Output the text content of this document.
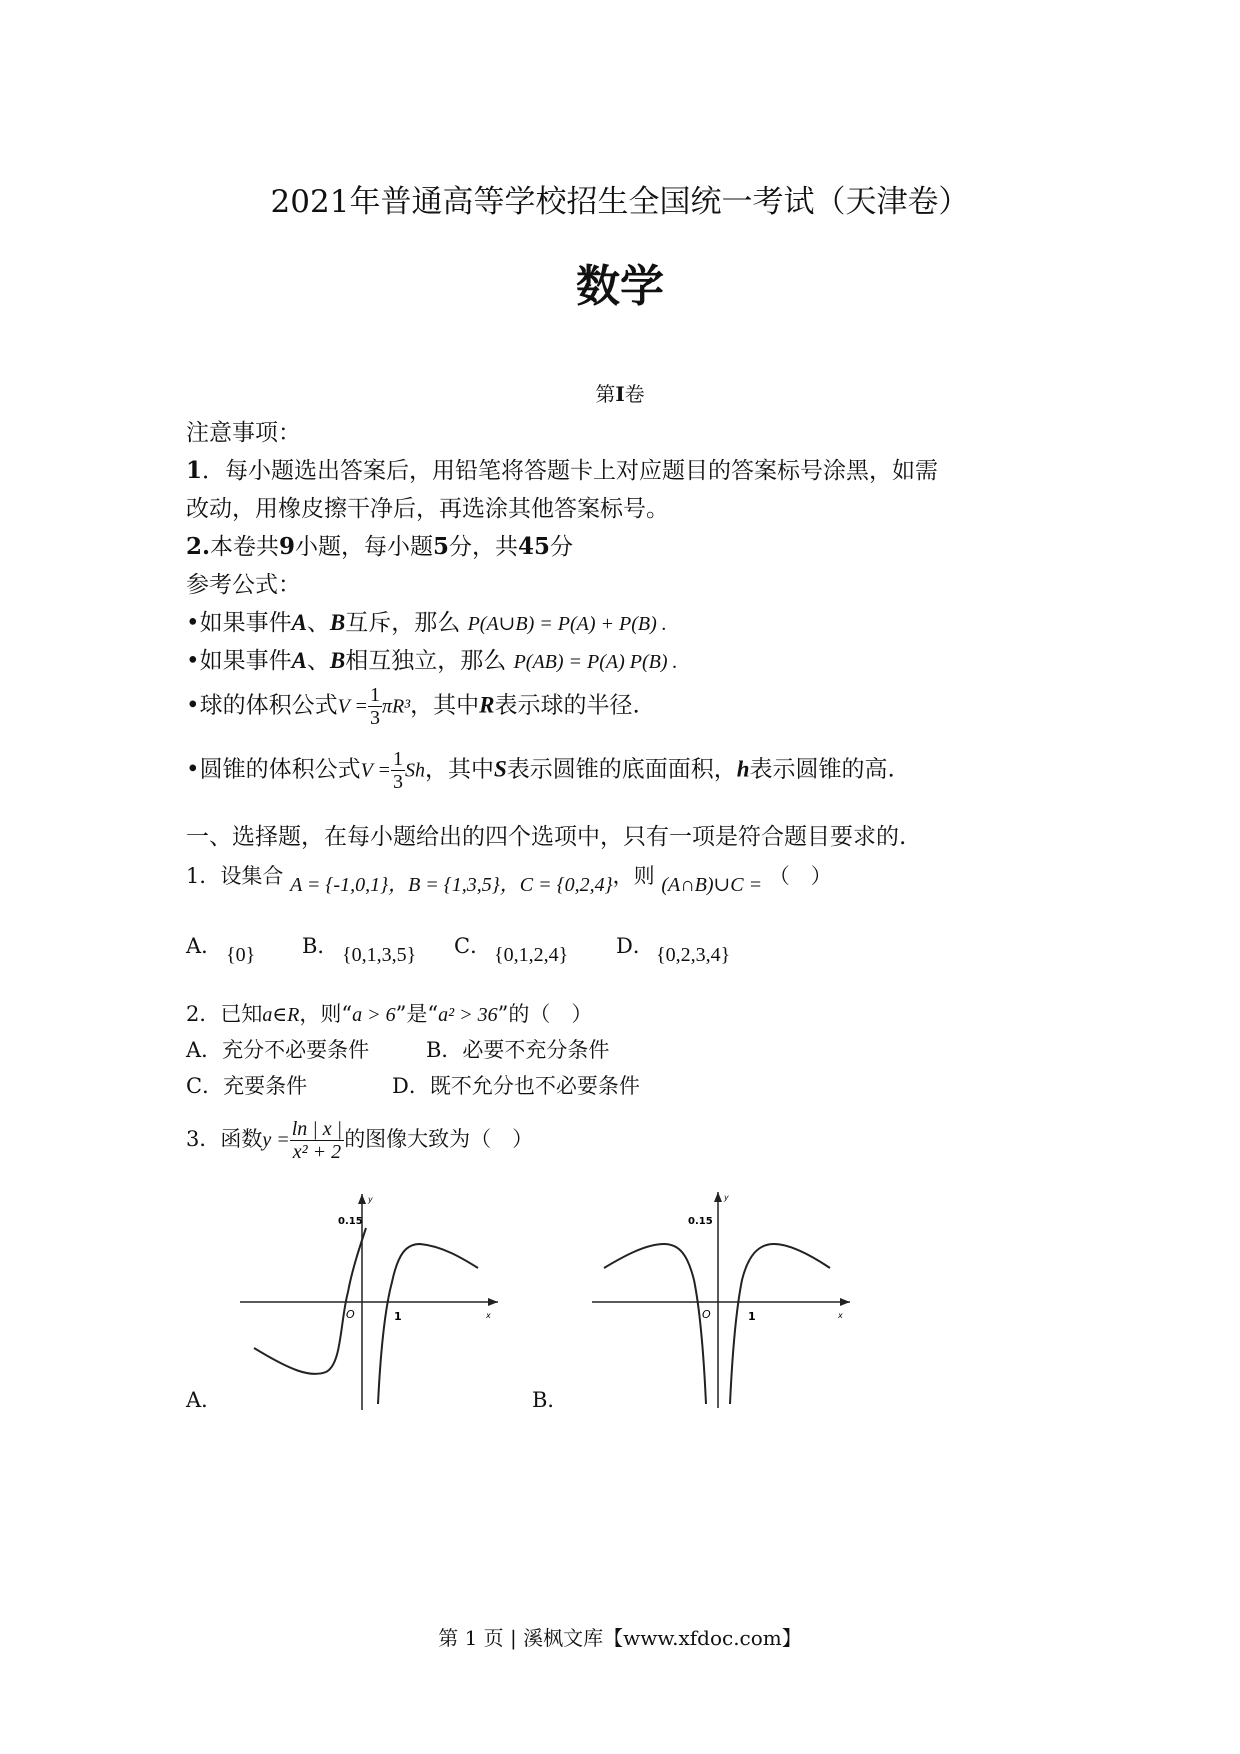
2021年普通高等学校招生全国统一考试（天津卷）
数学
第I卷
注意事项：
1．每小题选出答案后，用铅笔将答题卡上对应题目的答案标号涂黑，如需
改动，用橡皮擦干净后，再选涂其他答案标号。
2.本卷共9小题，每小题5分，共45分
参考公式：
•如果事件A、B互斥，那么 P(A∪B) = P(A) + P(B) .
•如果事件A、B相互独立，那么 P(AB) = P(A) P(B) .
•球的体积公式$V = \frac{1}{3} \pi R^3$，其中R表示球的半径.
•圆锥的体积公式$V = \frac{1}{3}$ Sh，其中S表示圆锥的底面面积，h表示圆锥的高.
一、选择题，在每小题给出的四个选项中，只有一项是符合题目要求的.
1．设集合 A = {-1,0,1}，B = {1,3,5}，C = {0,2,4}，则 (A∩B)∪C = （　）
A． {0} B． {0,1,3,5} C． {0,1,2,4} D． {0,2,3,4}
2．已知a∈R，则“a > 6”是“a² > 36”的（　）
A．充分不必要条件	B．必要不充分条件
C．充要条件	D．既不允分也不必要条件
3．函数$y = \frac{\ln | x |}{\text{x² + 2}}$ 的图像大致为（　）
0.15
O	1	x
y
A．
0.15
O	1	x
y
B．
第 1 页 | 溪枫文库【www.xfdoc.com】
